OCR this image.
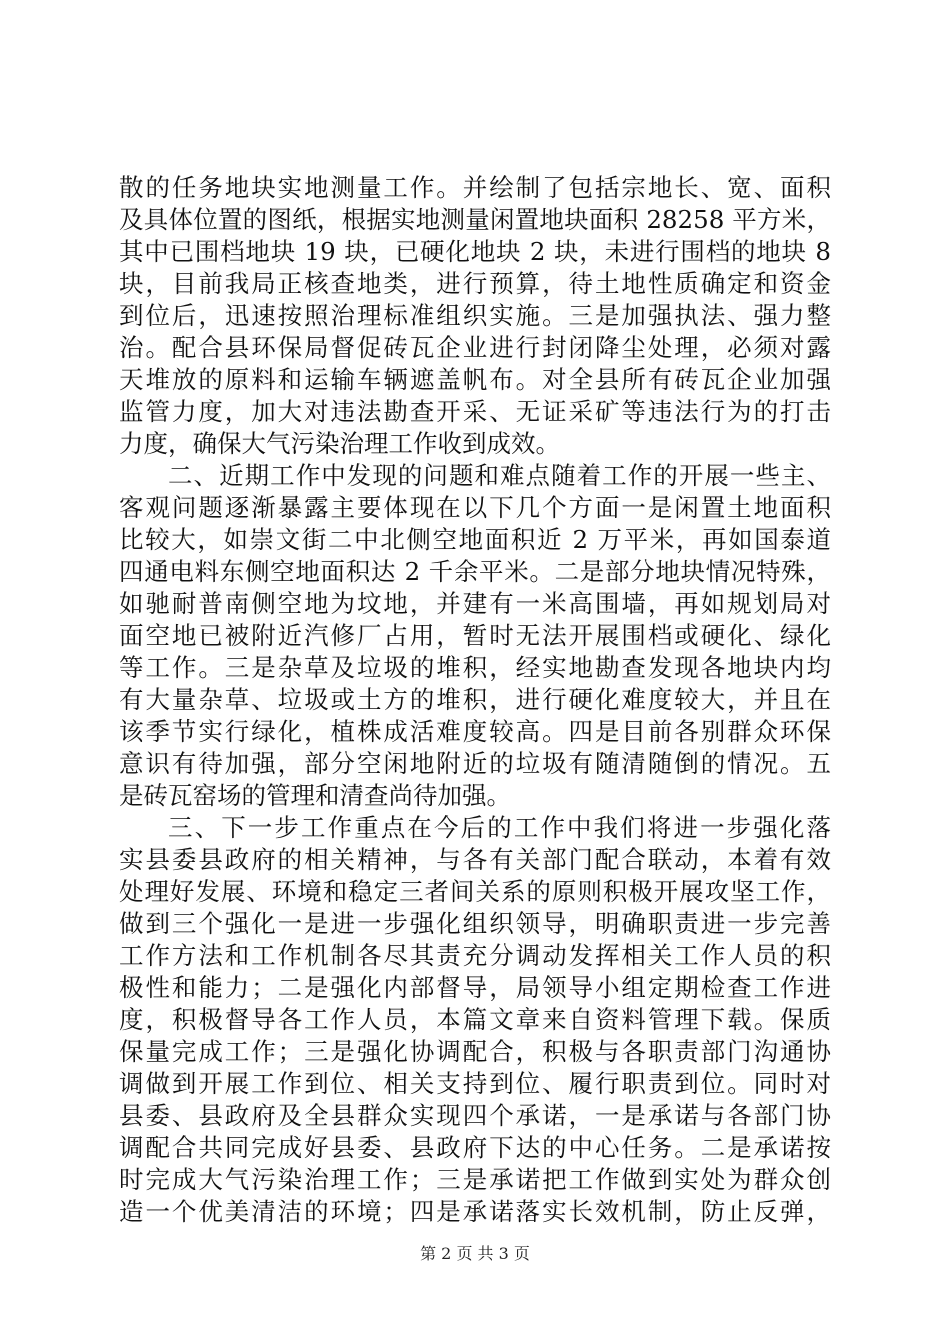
散的任务地块实地测量工作。并绘制了包括宗地长、宽、面积
及具体位置的图纸，根据实地测量闲置地块面积 28258 平方米，
其中已围档地块 19 块，已硬化地块 2 块，未进行围档的地块 8
块，目前我局正核查地类，进行预算，待土地性质确定和资金
到位后，迅速按照治理标准组织实施。三是加强执法、强力整
治。配合县环保局督促砖瓦企业进行封闭降尘处理，必须对露
天堆放的原料和运输车辆遮盖帆布。对全县所有砖瓦企业加强
监管力度，加大对违法勘查开采、无证采矿等违法行为的打击
力度，确保大气污染治理工作收到成效。
二、近期工作中发现的问题和难点随着工作的开展一些主、
客观问题逐渐暴露主要体现在以下几个方面一是闲置土地面积
比较大，如崇文街二中北侧空地面积近 2 万平米，再如国泰道
四通电料东侧空地面积达 2 千余平米。二是部分地块情况特殊，
如驰耐普南侧空地为坟地，并建有一米高围墙，再如规划局对
面空地已被附近汽修厂占用，暂时无法开展围档或硬化、绿化
等工作。三是杂草及垃圾的堆积，经实地勘查发现各地块内均
有大量杂草、垃圾或土方的堆积，进行硬化难度较大，并且在
该季节实行绿化，植株成活难度较高。四是目前各别群众环保
意识有待加强，部分空闲地附近的垃圾有随清随倒的情况。五
是砖瓦窑场的管理和清查尚待加强。
三、下一步工作重点在今后的工作中我们将进一步强化落
实县委县政府的相关精神，与各有关部门配合联动，本着有效
处理好发展、环境和稳定三者间关系的原则积极开展攻坚工作，
做到三个强化一是进一步强化组织领导，明确职责进一步完善
工作方法和工作机制各尽其责充分调动发挥相关工作人员的积
极性和能力；二是强化内部督导，局领导小组定期检查工作进
度，积极督导各工作人员，本篇文章来自资料管理下载。保质
保量完成工作；三是强化协调配合，积极与各职责部门沟通协
调做到开展工作到位、相关支持到位、履行职责到位。同时对
县委、县政府及全县群众实现四个承诺，一是承诺与各部门协
调配合共同完成好县委、县政府下达的中心任务。二是承诺按
时完成大气污染治理工作；三是承诺把工作做到实处为群众创
造一个优美清洁的环境；四是承诺落实长效机制，防止反弹，
第 2 页 共 3 页
